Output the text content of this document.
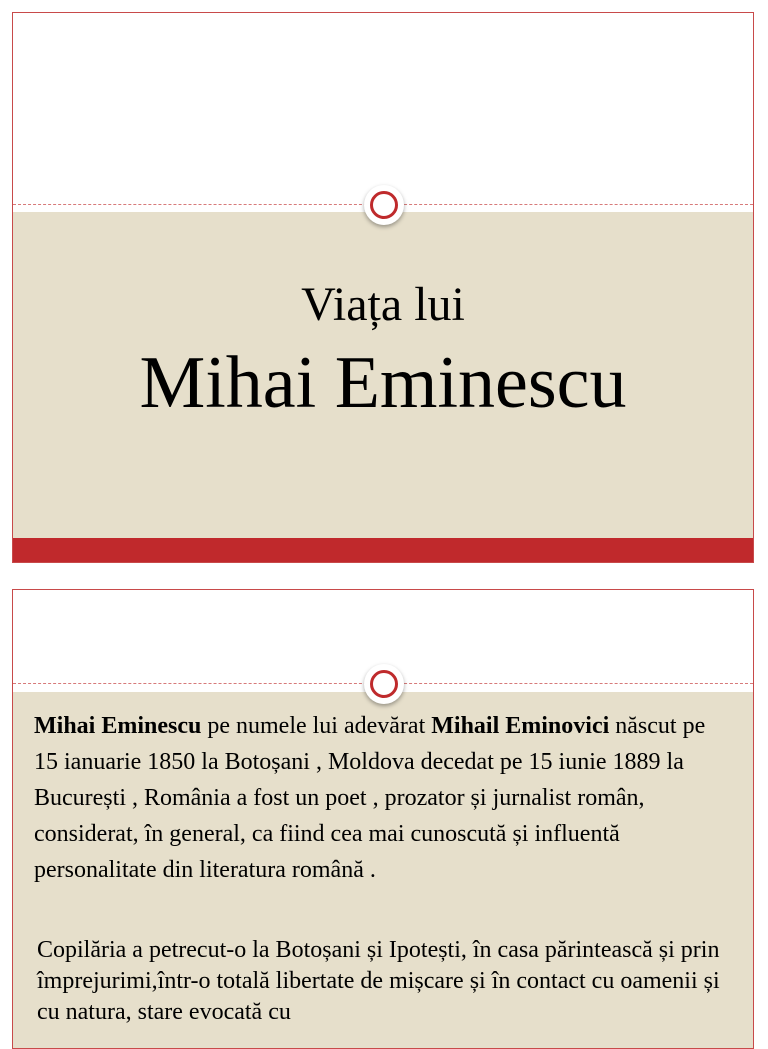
Viața lui
Mihai Eminescu
Mihai Eminescu pe numele lui adevărat Mihail Eminovici născut pe 15 ianuarie 1850 la Botoșani , Moldova decedat pe 15 iunie 1889 la București , România a fost un poet , prozator și jurnalist român, considerat, în general, ca fiind cea mai cunoscută și influentă personalitate din literatura română .
Copilăria a petrecut-o la Botoșani și Ipotești, în casa părintească și prin împrejurimi,într-o totală libertate de mișcare și în contact cu oamenii și cu natura, stare evocată cu
